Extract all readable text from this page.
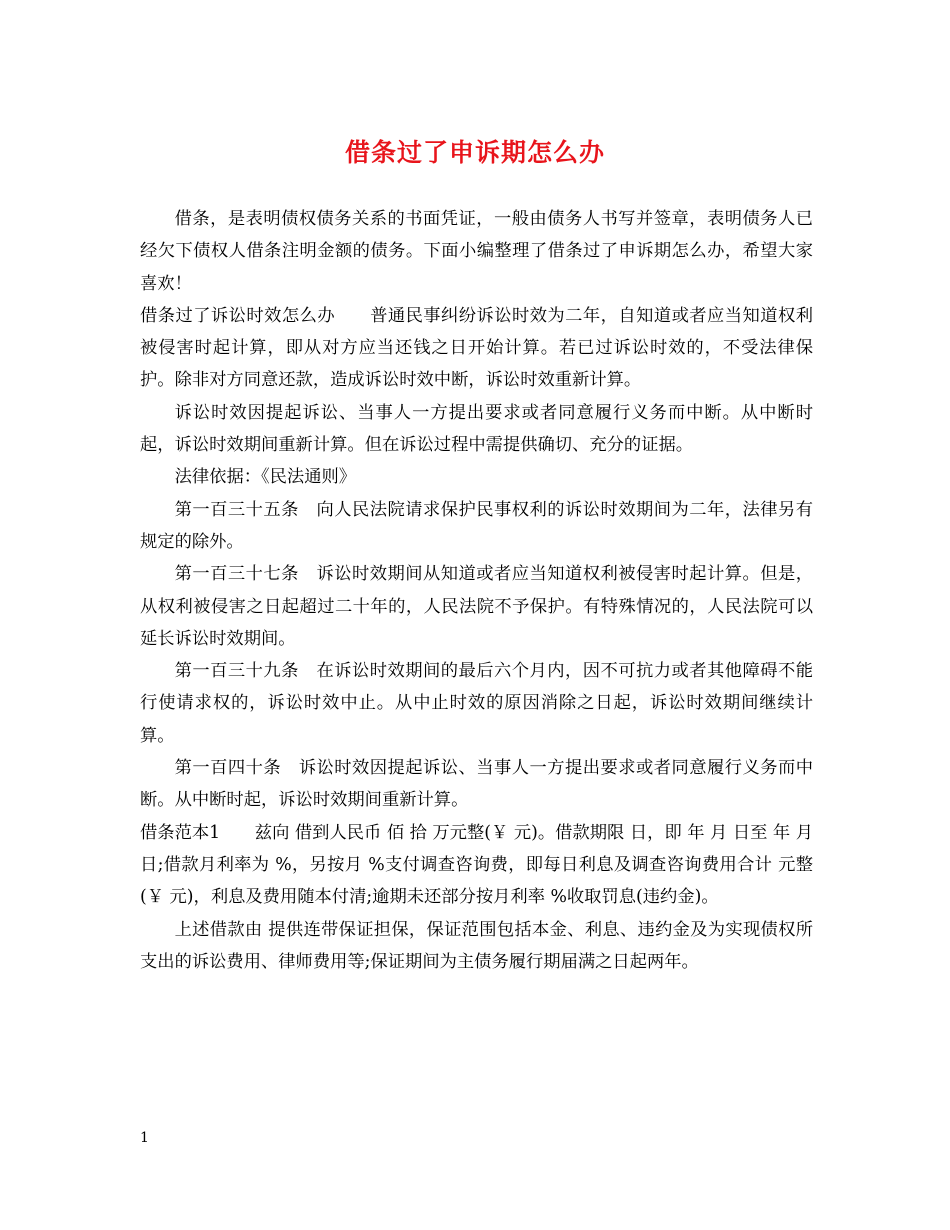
借条过了申诉期怎么办

借条，是表明债权债务关系的书面凭证，一般由债务人书写并签章，表明债务人已经欠下债权人借条注明金额的债务。下面小编整理了借条过了申诉期怎么办，希望大家喜欢！

借条过了诉讼时效怎么办 普通民事纠纷诉讼时效为二年，自知道或者应当知道权利被侵害时起计算，即从对方应当还钱之日开始计算。若已过诉讼时效的，不受法律保护。除非对方同意还款，造成诉讼时效中断，诉讼时效重新计算。

诉讼时效因提起诉讼、当事人一方提出要求或者同意履行义务而中断。从中断时起，诉讼时效期间重新计算。但在诉讼过程中需提供确切、充分的证据。

法律依据：《民法通则》

第一百三十五条　向人民法院请求保护民事权利的诉讼时效期间为二年，法律另有规定的除外。

第一百三十七条　诉讼时效期间从知道或者应当知道权利被侵害时起计算。但是，从权利被侵害之日起超过二十年的，人民法院不予保护。有特殊情况的，人民法院可以延长诉讼时效期间。

第一百三十九条　在诉讼时效期间的最后六个月内，因不可抗力或者其他障碍不能行使请求权的，诉讼时效中止。从中止时效的原因消除之日起，诉讼时效期间继续计算。

第一百四十条　诉讼时效因提起诉讼、当事人一方提出要求或者同意履行义务而中断。从中断时起，诉讼时效期间重新计算。

借条范本1 兹向 借到人民币 佰 拾 万元整(￥ 元)。借款期限 日，即 年 月 日至 年 月 日;借款月利率为 %，另按月 %支付调查咨询费，即每日利息及调查咨询费用合计 元整(￥ 元)，利息及费用随本付清;逾期未还部分按月利率 %收取罚息(违约金)。

上述借款由 提供连带保证担保，保证范围包括本金、利息、违约金及为实现债权所支出的诉讼费用、律师费用等;保证期间为主债务履行期届满之日起两年。

1
